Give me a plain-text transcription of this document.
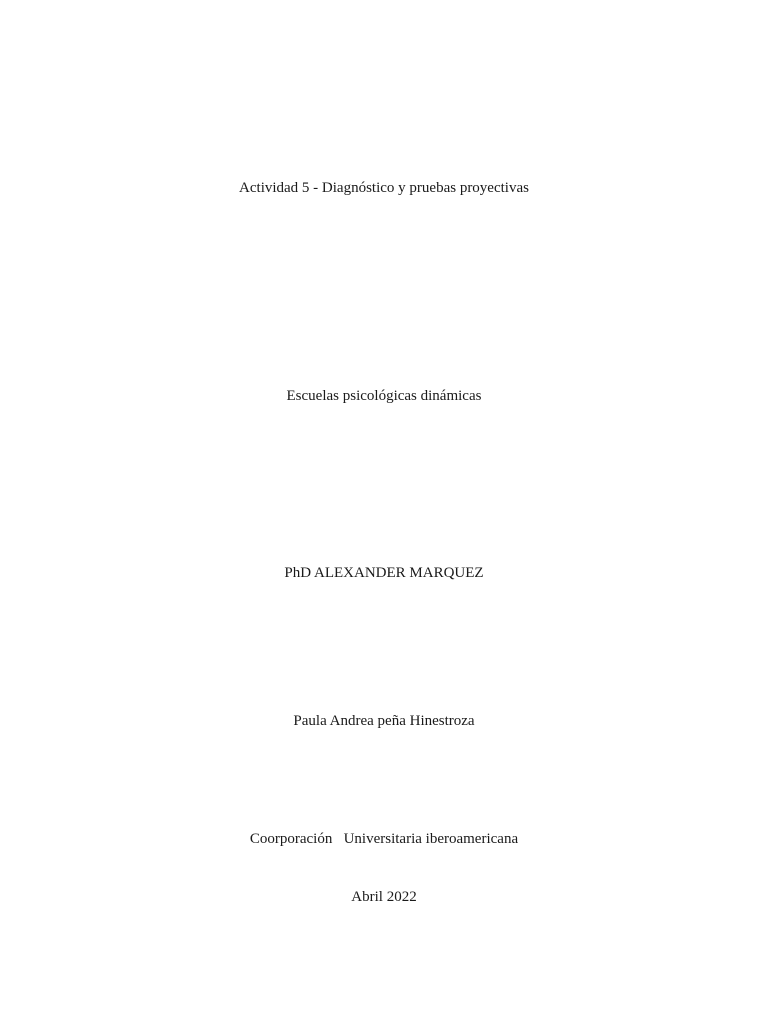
Actividad 5 - Diagnóstico y pruebas proyectivas
Escuelas psicológicas dinámicas
PhD ALEXANDER MARQUEZ
Paula Andrea peña Hinestroza
Coorporación   Universitaria iberoamericana
Abril 2022
